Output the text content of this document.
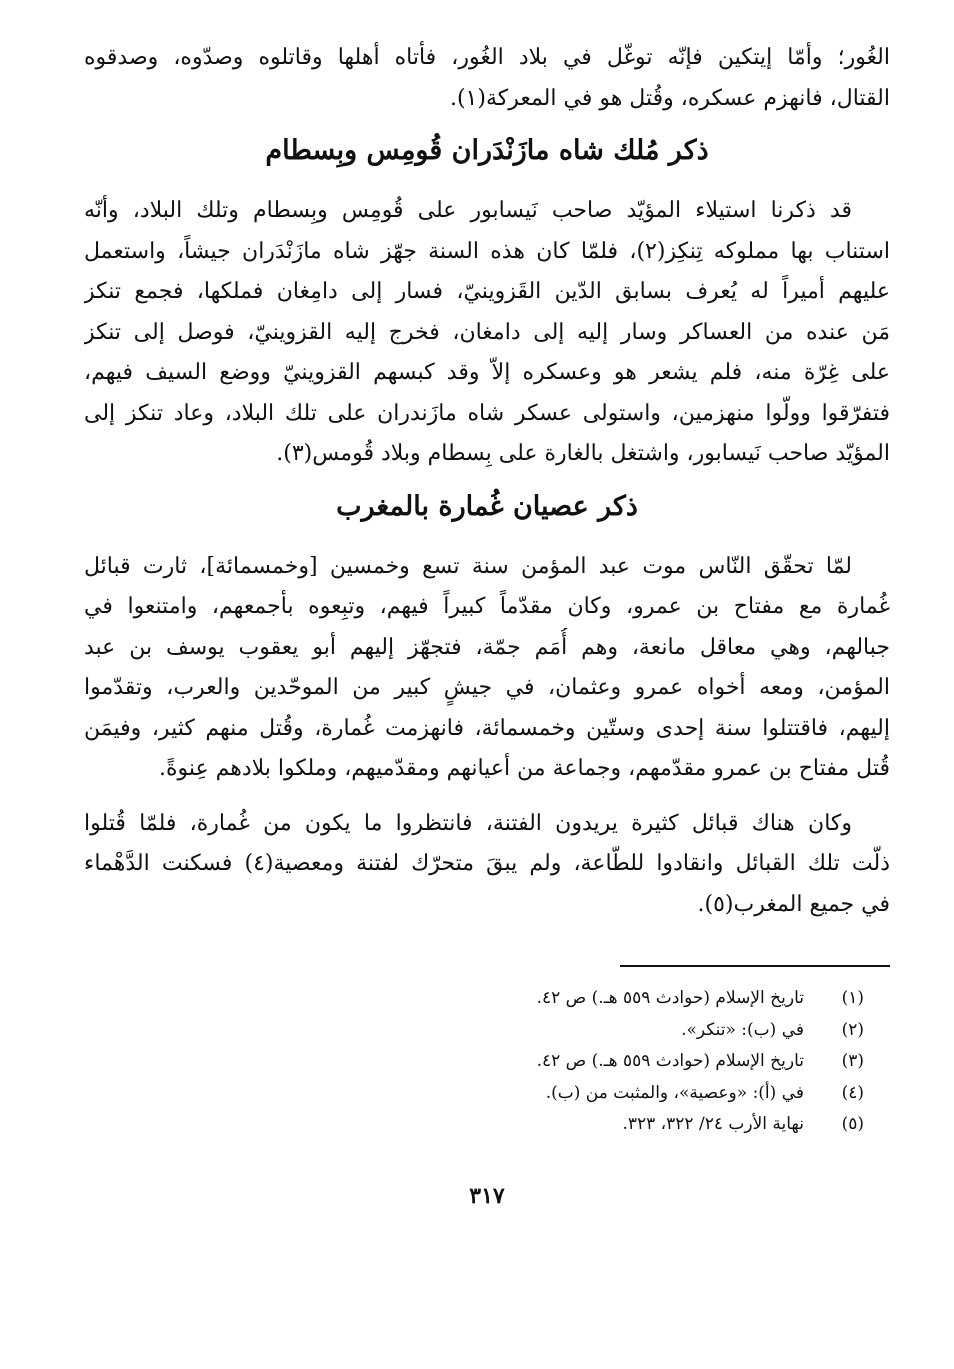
الغُور؛ وأمّا إيتكين فإنّه توغّل في بلاد الغُور، فأتاه أهلها وقاتلوه وصدّوه، وصدقوه
القتال، فانهزم عسكره، وقُتل هو في المعركة(١).
ذكر مُلك شاه مازَنْدَران قُومِس وبِسطام
قد ذكرنا استيلاء المؤيّد صاحب نَيسابور على قُومِس وبِسطام وتلك البلاد، وأنّه
استناب بها مملوكه تِنكِز(٢)، فلمّا كان هذه السنة جهّز شاه مازَنْدَران جيشاً، واستعمل
عليهم أميراً له يُعرف بسابق الدّين القَزوينيّ، فسار إلى دامِغان فملكها، فجمع تنكز
مَن عنده من العساكر وسار إليه إلى دامغان، فخرج إليه القزوينيّ، فوصل إلى تنكز
على غِرّة منه، فلم يشعر هو وعسكره إلاّ وقد كبسهم القزوينيّ ووضع السيف فيهم،
فتفرّقوا وولّوا منهزمين، واستولى عسكر شاه مازَندران على تلك البلاد، وعاد تنكز إلى
المؤيّد صاحب نَيسابور، واشتغل بالغارة على بِسطام وبلاد قُومس(٣).
ذكر عصيان غُمارة بالمغرب
لمّا تحقّق النّاس موت عبد المؤمن سنة تسع وخمسين [وخمسمائة]، ثارت قبائل
غُمارة مع مفتاح بن عمرو، وكان مقدّماً كبيراً فيهم، وتبِعوه بأجمعهم، وامتنعوا في
جبالهم، وهي معاقل مانعة، وهم أُمَم جمّة، فتجهّز إليهم أبو يعقوب يوسف بن عبد
المؤمن، ومعه أخواه عمرو وعثمان، في جيشٍ كبير من الموحّدين والعرب، وتقدّموا
إليهم، فاقتتلوا سنة إحدى وستّين وخمسمائة، فانهزمت غُمارة، وقُتل منهم كثير، وفيمَن
قُتل مفتاح بن عمرو مقدّمهم، وجماعة من أعيانهم ومقدّميهم، وملكوا بلادهم عِنوةً.
وكان هناك قبائل كثيرة يريدون الفتنة، فانتظروا ما يكون من غُمارة، فلمّا قُتلوا
ذلّت تلك القبائل وانقادوا للطّاعة، ولم يبقَ متحرّك لفتنة ومعصية(٤) فسكنت الدَّهْماء
في جميع المغرب(٥).
(١)
تاريخ الإسلام (حوادث ٥٥٩ هـ.) ص ٤٢.
(٢)
في (ب): «تنكر».
(٣)
تاريخ الإسلام (حوادث ٥٥٩ هـ.) ص ٤٢.
(٤)
في (أ): «وعصية»، والمثبت من (ب).
(٥)
نهاية الأرب ٢٤/ ٣٢٢، ٣٢٣.
٣١٧
